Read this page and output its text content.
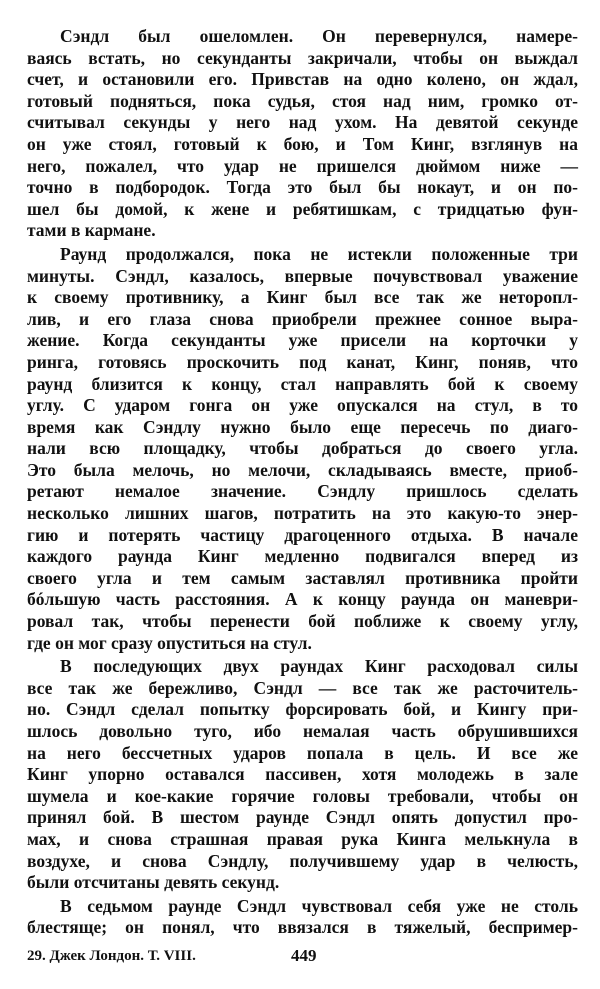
Сэндл был ошеломлен. Он перевернулся, намере-
ваясь встать, но секунданты закричали, чтобы он выждал
счет, и остановили его. Привстав на одно колено, он ждал,
готовый подняться, пока судья, стоя над ним, громко от-
считывал секунды у него над ухом. На девятой секунде
он уже стоял, готовый к бою, и Том Кинг, взглянув на
него, пожалел, что удар не пришелся дюймом ниже —
точно в подбородок. Тогда это был бы нокаут, и он по-
шел бы домой, к жене и ребятишкам, с тридцатью фун-
тами в кармане.
Раунд продолжался, пока не истекли положенные три
минуты. Сэндл, казалось, впервые почувствовал уважение
к своему противнику, а Кинг был все так же неторопл-
лив, и его глаза снова приобрели прежнее сонное выра-
жение. Когда секунданты уже присели на корточки у
ринга, готовясь проскочить под канат, Кинг, поняв, что
раунд близится к концу, стал направлять бой к своему
углу. С ударом гонга он уже опускался на стул, в то
время как Сэндлу нужно было еще пересечь по диаго-
нали всю площадку, чтобы добраться до своего угла.
Это была мелочь, но мелочи, складываясь вместе, приоб-
ретают немалое значение. Сэндлу пришлось сделать
несколько лишних шагов, потратить на это какую-то энер-
гию и потерять частицу драгоценного отдыха. В начале
каждого раунда Кинг медленно подвигался вперед из
своего угла и тем самым заставлял противника пройти
бóльшую часть расстояния. А к концу раунда он маневри-
ровал так, чтобы перенести бой поближе к своему углу,
где он мог сразу опуститься на стул.
В последующих двух раундах Кинг расходовал силы
все так же бережливо, Сэндл — все так же расточитель-
но. Сэндл сделал попытку форсировать бой, и Кингу при-
шлось довольно туго, ибо немалая часть обрушившихся
на него бессчетных ударов попала в цель. И все же
Кинг упорно оставался пассивен, хотя молодежь в зале
шумела и кое-какие горячие головы требовали, чтобы он
принял бой. В шестом раунде Сэндл опять допустил про-
мах, и снова страшная правая рука Кинга мелькнула в
воздухе, и снова Сэндлу, получившему удар в челюсть,
были отсчитаны девять секунд.
В седьмом раунде Сэндл чувствовал себя уже не столь
блестяще; он понял, что ввязался в тяжелый, беспример-
29. Джек Лондон. Т. VIII.	449
